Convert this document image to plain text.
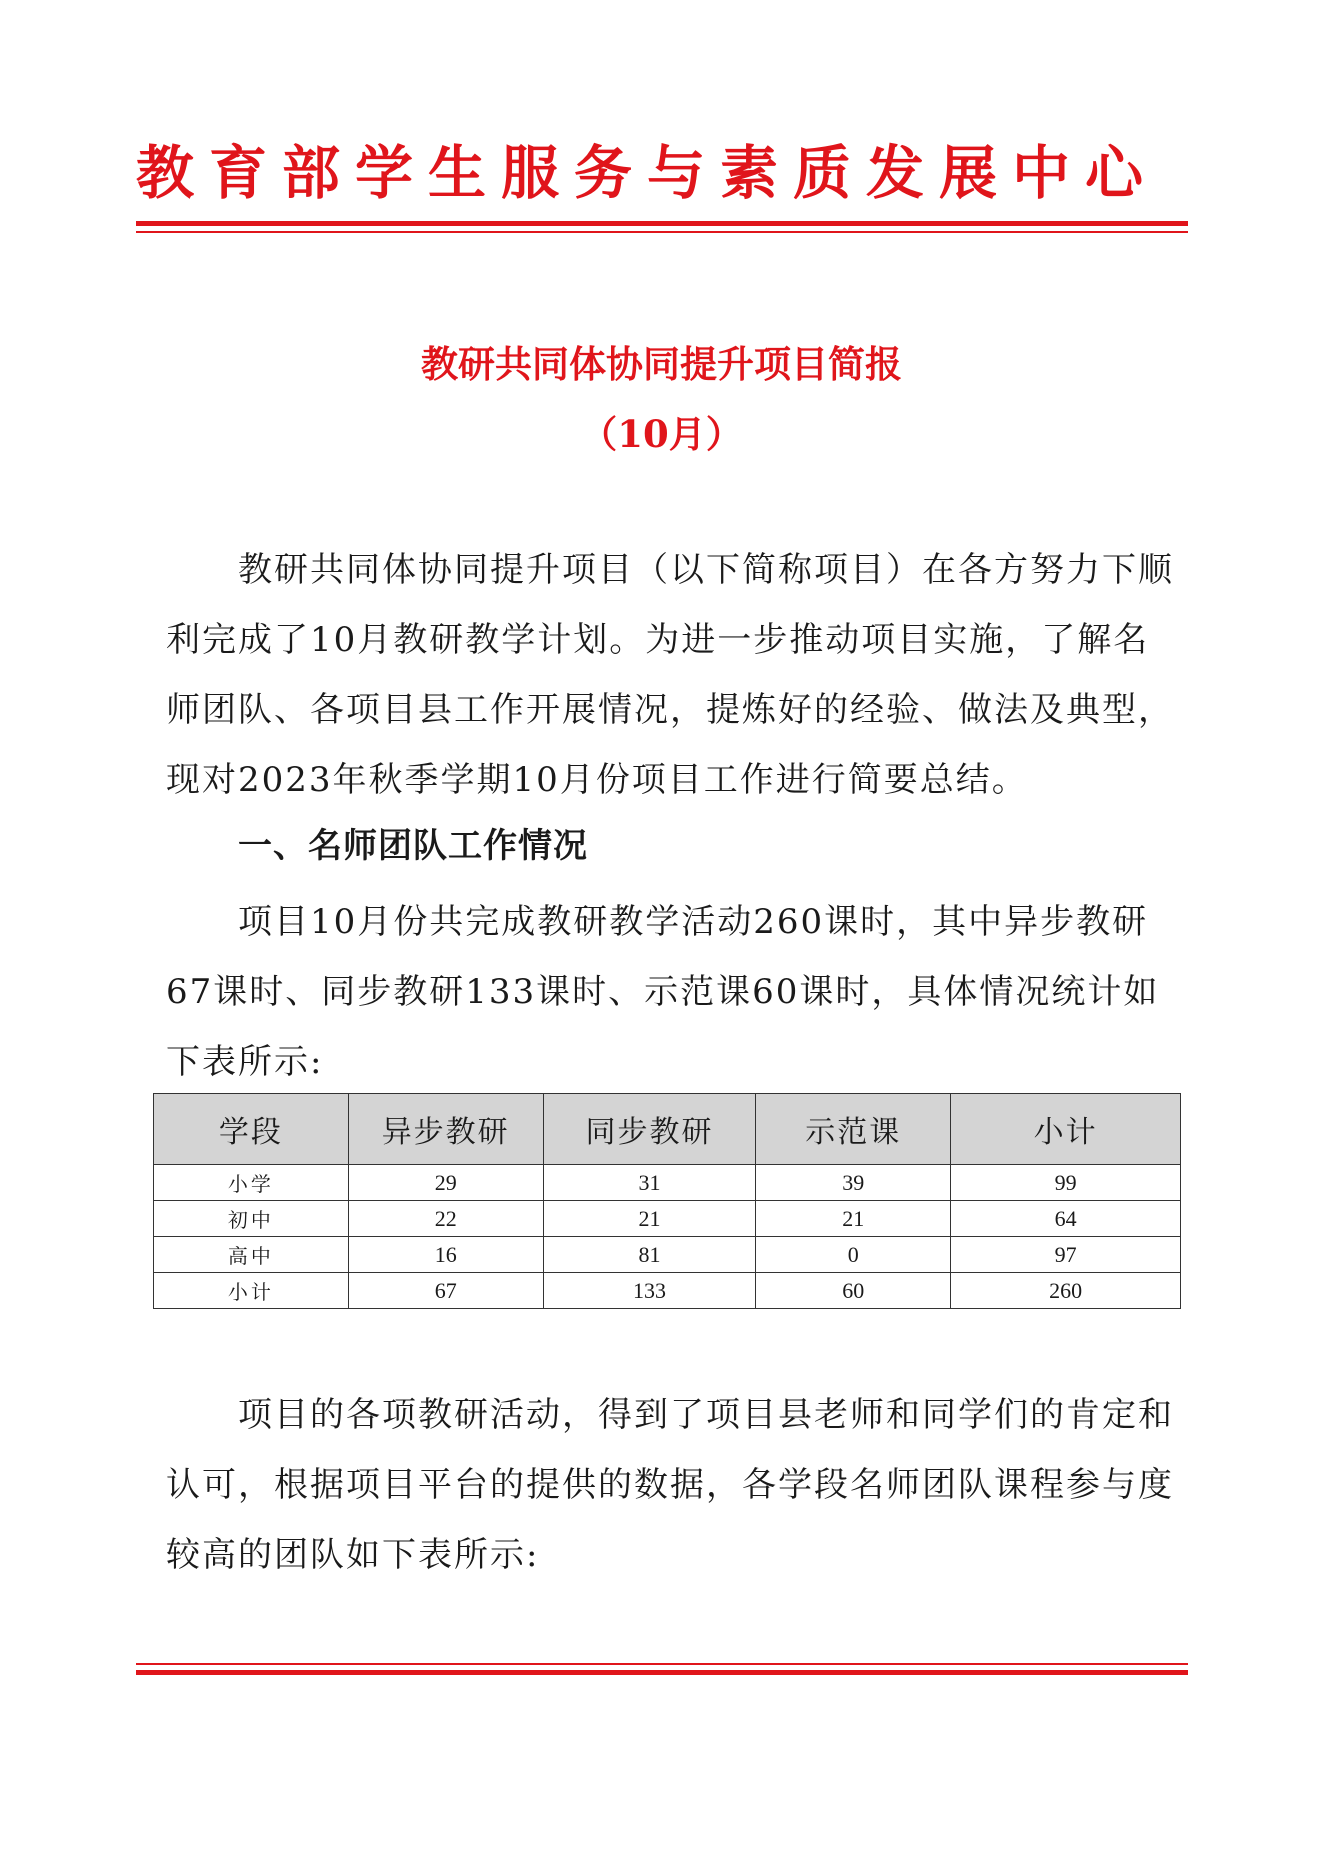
教育部学生服务与素质发展中心
教研共同体协同提升项目简报
（10月）
教研共同体协同提升项目（以下简称项目）在各方努力下顺
利完成了10月教研教学计划。为进一步推动项目实施，了解名
师团队、各项目县工作开展情况，提炼好的经验、做法及典型，
现对2023年秋季学期10月份项目工作进行简要总结。
一、名师团队工作情况
项目10月份共完成教研教学活动260课时，其中异步教研
67课时、同步教研133课时、示范课60课时，具体情况统计如
下表所示:
学段	异步教研	同步教研	示范课	小计
小学	29	31	39	99
初中	22	21	21	64
高中	16	81	0	97
小计	67	133	60	260
项目的各项教研活动，得到了项目县老师和同学们的肯定和
认可，根据项目平台的提供的数据，各学段名师团队课程参与度
较高的团队如下表所示:
